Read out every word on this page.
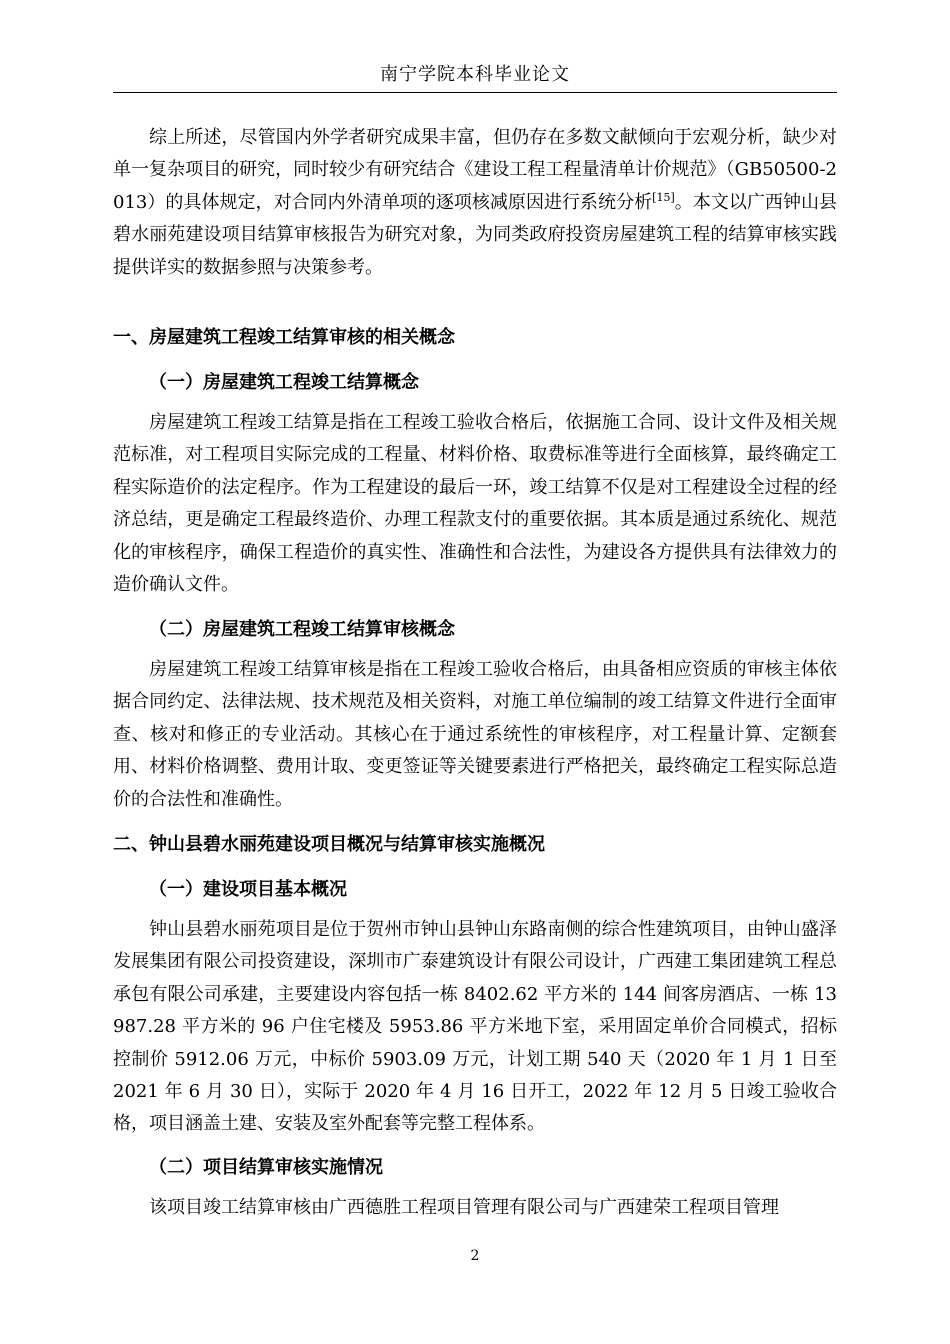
南宁学院本科毕业论文

综上所述，尽管国内外学者研究成果丰富，但仍存在多数文献倾向于宏观分析，缺少对单一复杂项目的研究，同时较少有研究结合《建设工程工程量清单计价规范》（GB50500-2013）的具体规定，对合同内外清单项的逐项核减原因进行系统分析[15]。本文以广西钟山县碧水丽苑建设项目结算审核报告为研究对象，为同类政府投资房屋建筑工程的结算审核实践提供详实的数据参照与决策参考。

一、房屋建筑工程竣工结算审核的相关概念
（一）房屋建筑工程竣工结算概念

房屋建筑工程竣工结算是指在工程竣工验收合格后，依据施工合同、设计文件及相关规范标准，对工程项目实际完成的工程量、材料价格、取费标准等进行全面核算，最终确定工程实际造价的法定程序。作为工程建设的最后一环，竣工结算不仅是对工程建设全过程的经济总结，更是确定工程最终造价、办理工程款支付的重要依据。其本质是通过系统化、规范化的审核程序，确保工程造价的真实性、准确性和合法性，为建设各方提供具有法律效力的造价确认文件。

（二）房屋建筑工程竣工结算审核概念

房屋建筑工程竣工结算审核是指在工程竣工验收合格后，由具备相应资质的审核主体依据合同约定、法律法规、技术规范及相关资料，对施工单位编制的竣工结算文件进行全面审查、核对和修正的专业活动。其核心在于通过系统性的审核程序，对工程量计算、定额套用、材料价格调整、费用计取、变更签证等关键要素进行严格把关，最终确定工程实际总造价的合法性和准确性。

二、钟山县碧水丽苑建设项目概况与结算审核实施概况
（一）建设项目基本概况

钟山县碧水丽苑项目是位于贺州市钟山县钟山东路南侧的综合性建筑项目，由钟山盛泽发展集团有限公司投资建设，深圳市广泰建筑设计有限公司设计，广西建工集团建筑工程总承包有限公司承建，主要建设内容包括一栋 8402.62 平方米的 144 间客房酒店、一栋 13987.28 平方米的 96 户住宅楼及 5953.86 平方米地下室，采用固定单价合同模式，招标控制价 5912.06 万元，中标价 5903.09 万元，计划工期 540 天（2020 年 1 月 1 日至 2021 年 6 月 30 日），实际于 2020 年 4 月 16 日开工，2022 年 12 月 5 日竣工验收合格，项目涵盖土建、安装及室外配套等完整工程体系。

（二）项目结算审核实施情况

该项目竣工结算审核由广西德胜工程项目管理有限公司与广西建荣工程项目管理

2
